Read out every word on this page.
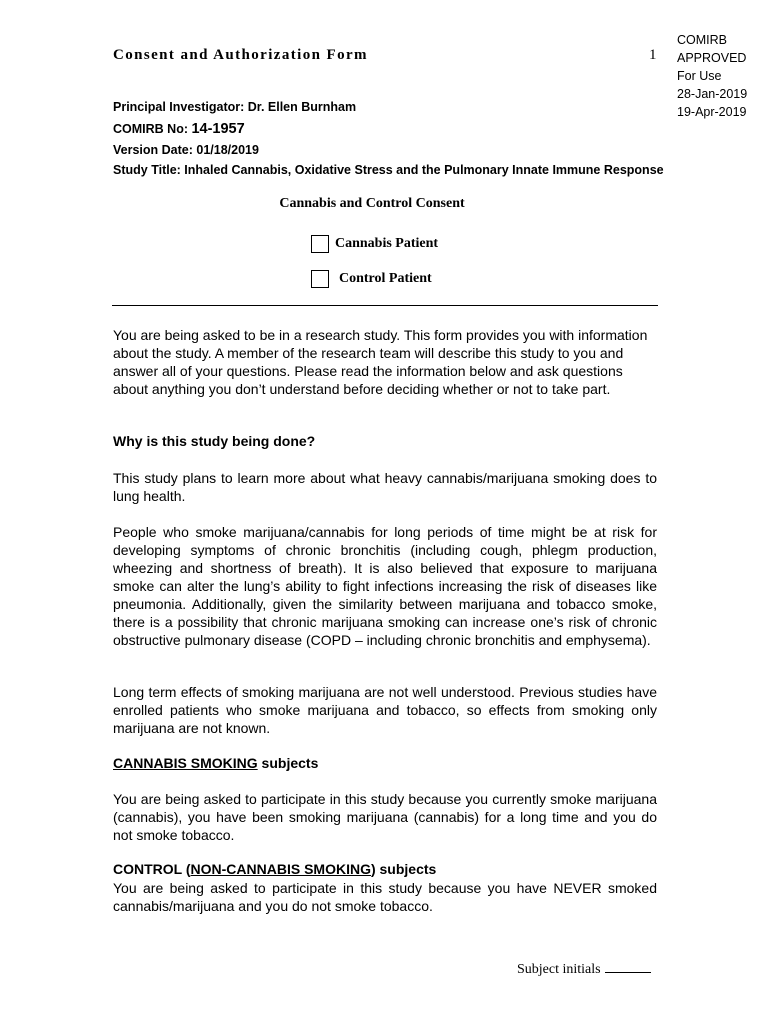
Consent and Authorization Form	1
COMIRB
APPROVED
For Use
28-Jan-2019
19-Apr-2019
Principal Investigator: Dr. Ellen Burnham
COMIRB No: 14-1957
Version Date: 01/18/2019
Study Title: Inhaled Cannabis, Oxidative Stress and the Pulmonary Innate Immune Response
Cannabis and Control Consent
Cannabis Patient
Control Patient
You are being asked to be in a research study. This form provides you with information about the study. A member of the research team will describe this study to you and answer all of your questions. Please read the information below and ask questions about anything you don’t understand before deciding whether or not to take part.
Why is this study being done?
This study plans to learn more about what heavy cannabis/marijuana smoking does to lung health.
People who smoke marijuana/cannabis for long periods of time might be at risk for developing symptoms of chronic bronchitis (including cough, phlegm production, wheezing and shortness of breath). It is also believed that exposure to marijuana smoke can alter the lung’s ability to fight infections increasing the risk of diseases like pneumonia. Additionally, given the similarity between marijuana and tobacco smoke, there is a possibility that chronic marijuana smoking can increase one’s risk of chronic obstructive pulmonary disease (COPD – including chronic bronchitis and emphysema).
Long term effects of smoking marijuana are not well understood. Previous studies have enrolled patients who smoke marijuana and tobacco, so effects from smoking only marijuana are not known.
CANNABIS SMOKING subjects
You are being asked to participate in this study because you currently smoke marijuana (cannabis), you have been smoking marijuana (cannabis) for a long time and you do not smoke tobacco.
CONTROL (NON-CANNABIS SMOKING) subjects
You are being asked to participate in this study because you have NEVER smoked cannabis/marijuana and you do not smoke tobacco.
Subject initials
